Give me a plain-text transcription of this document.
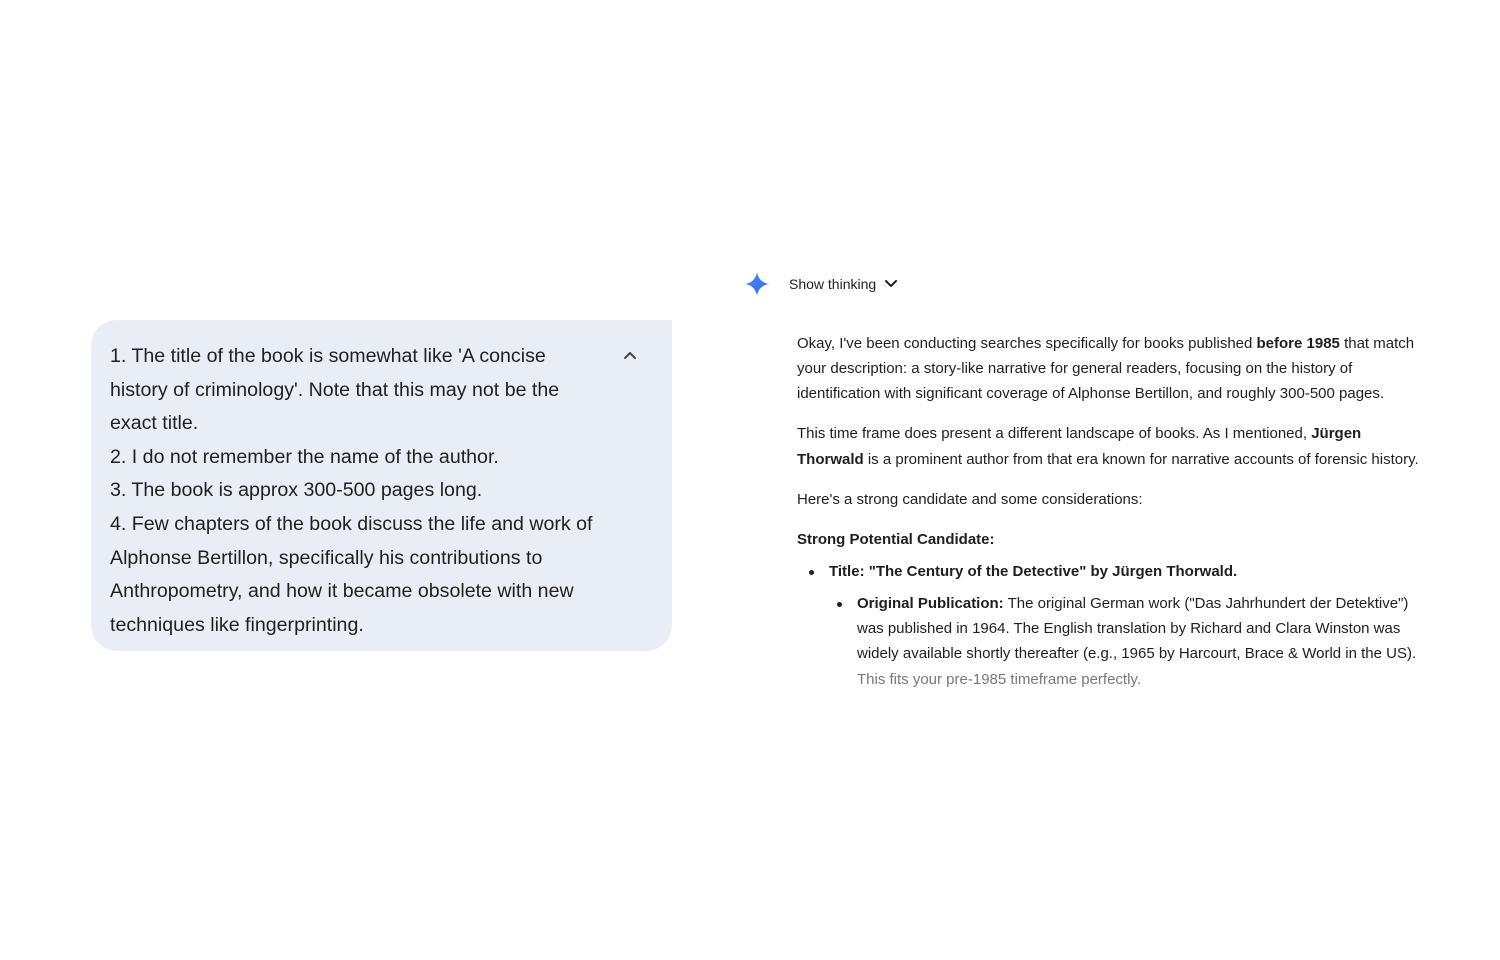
1. The title of the book is somewhat like 'A concise

history of criminology'. Note that this may not be the

exact title.

2. I do not remember the name of the author.

3. The book is approx 300-500 pages long.

4. Few chapters of the book discuss the life and work of

Alphonse Bertillon, specifically his contributions to

Anthropometry, and how it became obsolete with new

techniques like fingerprinting.

Show thinking

Okay, I've been conducting searches specifically for books published before 1985 that match your description: a story-like narrative for general readers, focusing on the history of identification with significant coverage of Alphonse Bertillon, and roughly 300-500 pages.

This time frame does present a different landscape of books. As I mentioned, Jürgen Thorwald is a prominent author from that era known for narrative accounts of forensic history.

Here's a strong candidate and some considerations:

Strong Potential Candidate:

Title: "The Century of the Detective" by Jürgen Thorwald.
Original Publication: The original German work ("Das Jahrhundert der Detektive") was published in 1964. The English translation by Richard and Clara Winston was widely available shortly thereafter (e.g., 1965 by Harcourt, Brace & World in the US). This fits your pre-1985 timeframe perfectly.
